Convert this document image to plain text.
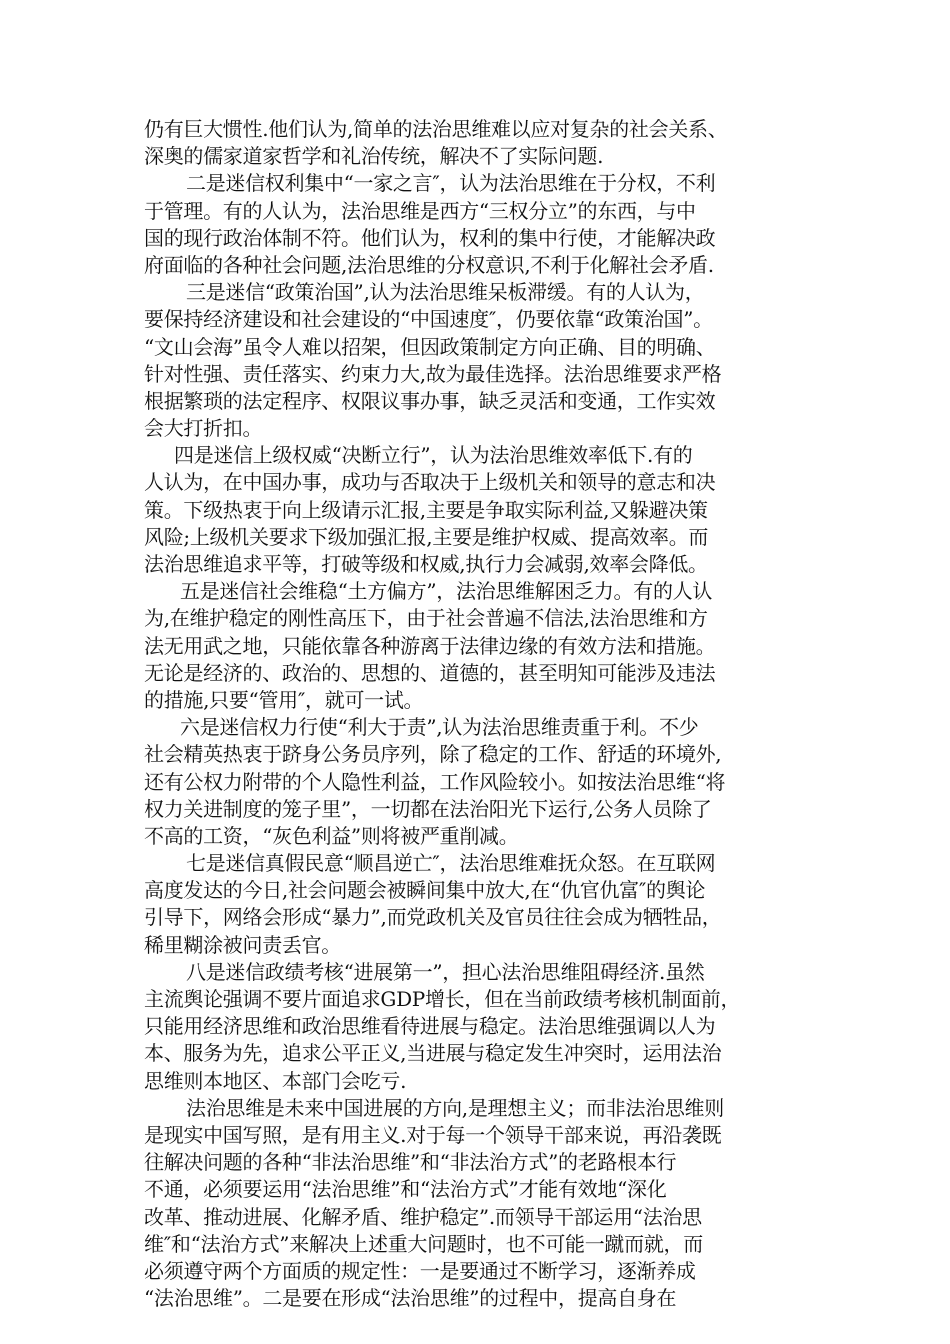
仍有巨大惯性.他们认为,简单的法治思维难以应对复杂的社会关系、
深奥的儒家道家哲学和礼治传统，解决不了实际问题.
二是迷信权利集中“一家之言″，认为法治思维在于分权，不利
于管理。有的人认为，法治思维是西方“三权分立”的东西，与中
国的现行政治体制不符。他们认为，权利的集中行使，才能解决政
府面临的各种社会问题,法治思维的分权意识,不利于化解社会矛盾.
三是迷信“政策治国”,认为法治思维呆板滞缓。有的人认为，
要保持经济建设和社会建设的“中国速度″，仍要依靠“政策治国”。
“文山会海”虽令人难以招架，但因政策制定方向正确、目的明确、
针对性强、责任落实、约束力大,故为最佳选择。法治思维要求严格
根据繁琐的法定程序、权限议事办事，缺乏灵活和变通，工作实效
会大打折扣。
四是迷信上级权威“决断立行”，认为法治思维效率低下.有的
人认为，在中国办事，成功与否取决于上级机关和领导的意志和决
策。下级热衷于向上级请示汇报,主要是争取实际利益,又躲避决策
风险;上级机关要求下级加强汇报,主要是维护权威、提高效率。而
法治思维追求平等，打破等级和权威,执行力会减弱,效率会降低。
五是迷信社会维稳“土方偏方”，法治思维解困乏力。有的人认
为,在维护稳定的刚性高压下，由于社会普遍不信法,法治思维和方
法无用武之地，只能依靠各种游离于法律边缘的有效方法和措施。
无论是经济的、政治的、思想的、道德的，甚至明知可能涉及违法
的措施,只要“管用″，就可一试。
六是迷信权力行使“利大于责”,认为法治思维责重于利。不少
社会精英热衷于跻身公务员序列，除了稳定的工作、舒适的环境外,
还有公权力附带的个人隐性利益，工作风险较小。如按法治思维“将
权力关进制度的笼子里”，一切都在法治阳光下运行,公务人员除了
不高的工资，“灰色利益”则将被严重削减。
七是迷信真假民意“顺昌逆亡″，法治思维难抚众怒。在互联网
高度发达的今日,社会问题会被瞬间集中放大,在“仇官仇富″的舆论
引导下，网络会形成“暴力”,而党政机关及官员往往会成为牺牲品，
稀里糊涂被问责丢官。
八是迷信政绩考核“进展第一”，担心法治思维阻碍经济.虽然
主流舆论强调不要片面追求GDP增长，但在当前政绩考核机制面前，
只能用经济思维和政治思维看待进展与稳定。法治思维强调以人为
本、服务为先，追求公平正义,当进展与稳定发生冲突时，运用法治
思维则本地区、本部门会吃亏.
法治思维是未来中国进展的方向,是理想主义；而非法治思维则
是现实中国写照，是有用主义.对于每一个领导干部来说，再沿袭既
往解决问题的各种“非法治思维”和“非法治方式”的老路根本行
不通，必须要运用“法治思维”和“法治方式”才能有效地“深化
改革、推动进展、化解矛盾、维护稳定”.而领导干部运用“法治思
维″和“法治方式”来解决上述重大问题时，也不可能一蹴而就，而
必须遵守两个方面质的规定性：一是要通过不断学习，逐渐养成
“法治思维”。二是要在形成“法治思维”的过程中，提高自身在
